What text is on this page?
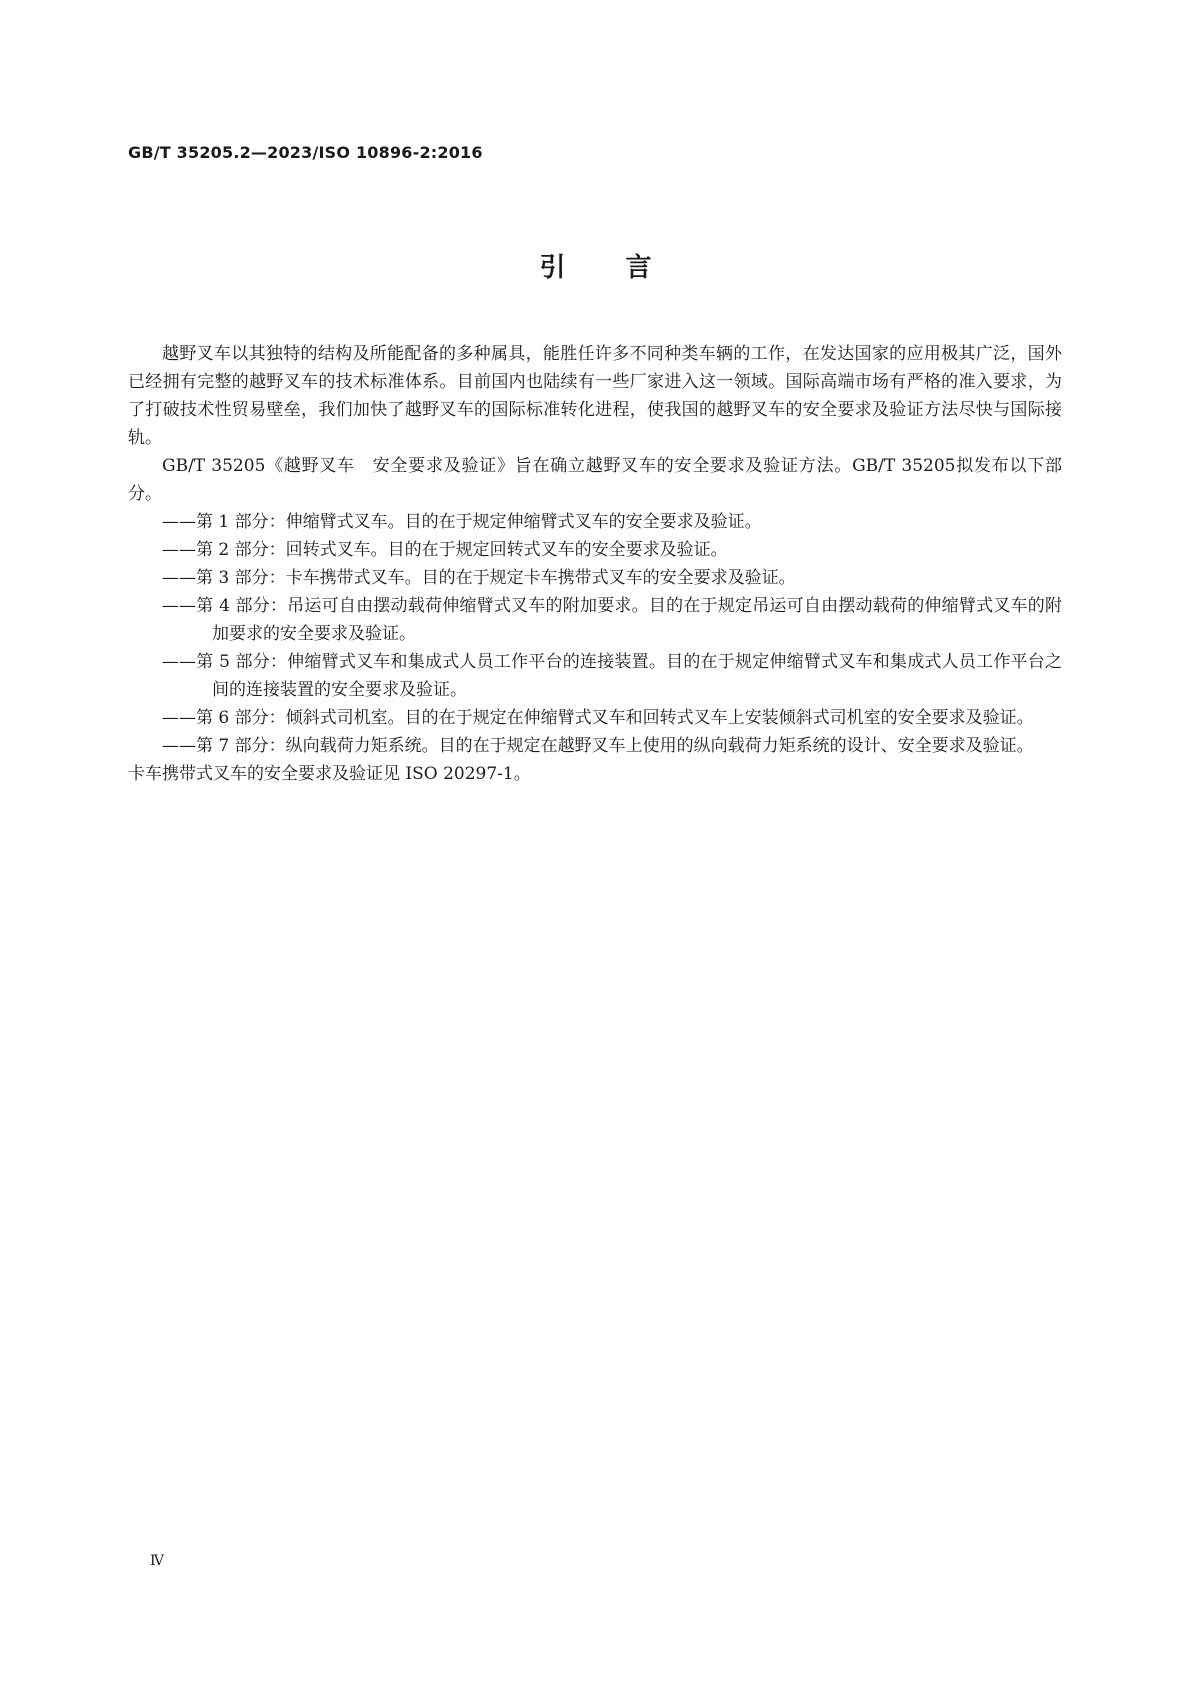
GB/T 35205.2—2023/ISO 10896-2:2016
引言

越野叉车以其独特的结构及所能配备的多种属具，能胜任许多不同种类车辆的工作，在发达国家的应用极其广泛，国外已经拥有完整的越野叉车的技术标准体系。目前国内也陆续有一些厂家进入这一领域。国际高端市场有严格的准入要求，为了打破技术性贸易壁垒，我们加快了越野叉车的国际标准转化进程，使我国的越野叉车的安全要求及验证方法尽快与国际接轨。

GB/T 35205《越野叉车　安全要求及验证》旨在确立越野叉车的安全要求及验证方法。GB/T 35205拟发布以下部分。

——第 1 部分：伸缩臂式叉车。目的在于规定伸缩臂式叉车的安全要求及验证。
——第 2 部分：回转式叉车。目的在于规定回转式叉车的安全要求及验证。
——第 3 部分：卡车携带式叉车。目的在于规定卡车携带式叉车的安全要求及验证。
——第 4 部分：吊运可自由摆动载荷伸缩臂式叉车的附加要求。目的在于规定吊运可自由摆动载荷的伸缩臂式叉车的附加要求的安全要求及验证。
——第 5 部分：伸缩臂式叉车和集成式人员工作平台的连接装置。目的在于规定伸缩臂式叉车和集成式人员工作平台之间的连接装置的安全要求及验证。
——第 6 部分：倾斜式司机室。目的在于规定在伸缩臂式叉车和回转式叉车上安装倾斜式司机室的安全要求及验证。
——第 7 部分：纵向载荷力矩系统。目的在于规定在越野叉车上使用的纵向载荷力矩系统的设计、安全要求及验证。

卡车携带式叉车的安全要求及验证见 ISO 20297-1。

Ⅳ
